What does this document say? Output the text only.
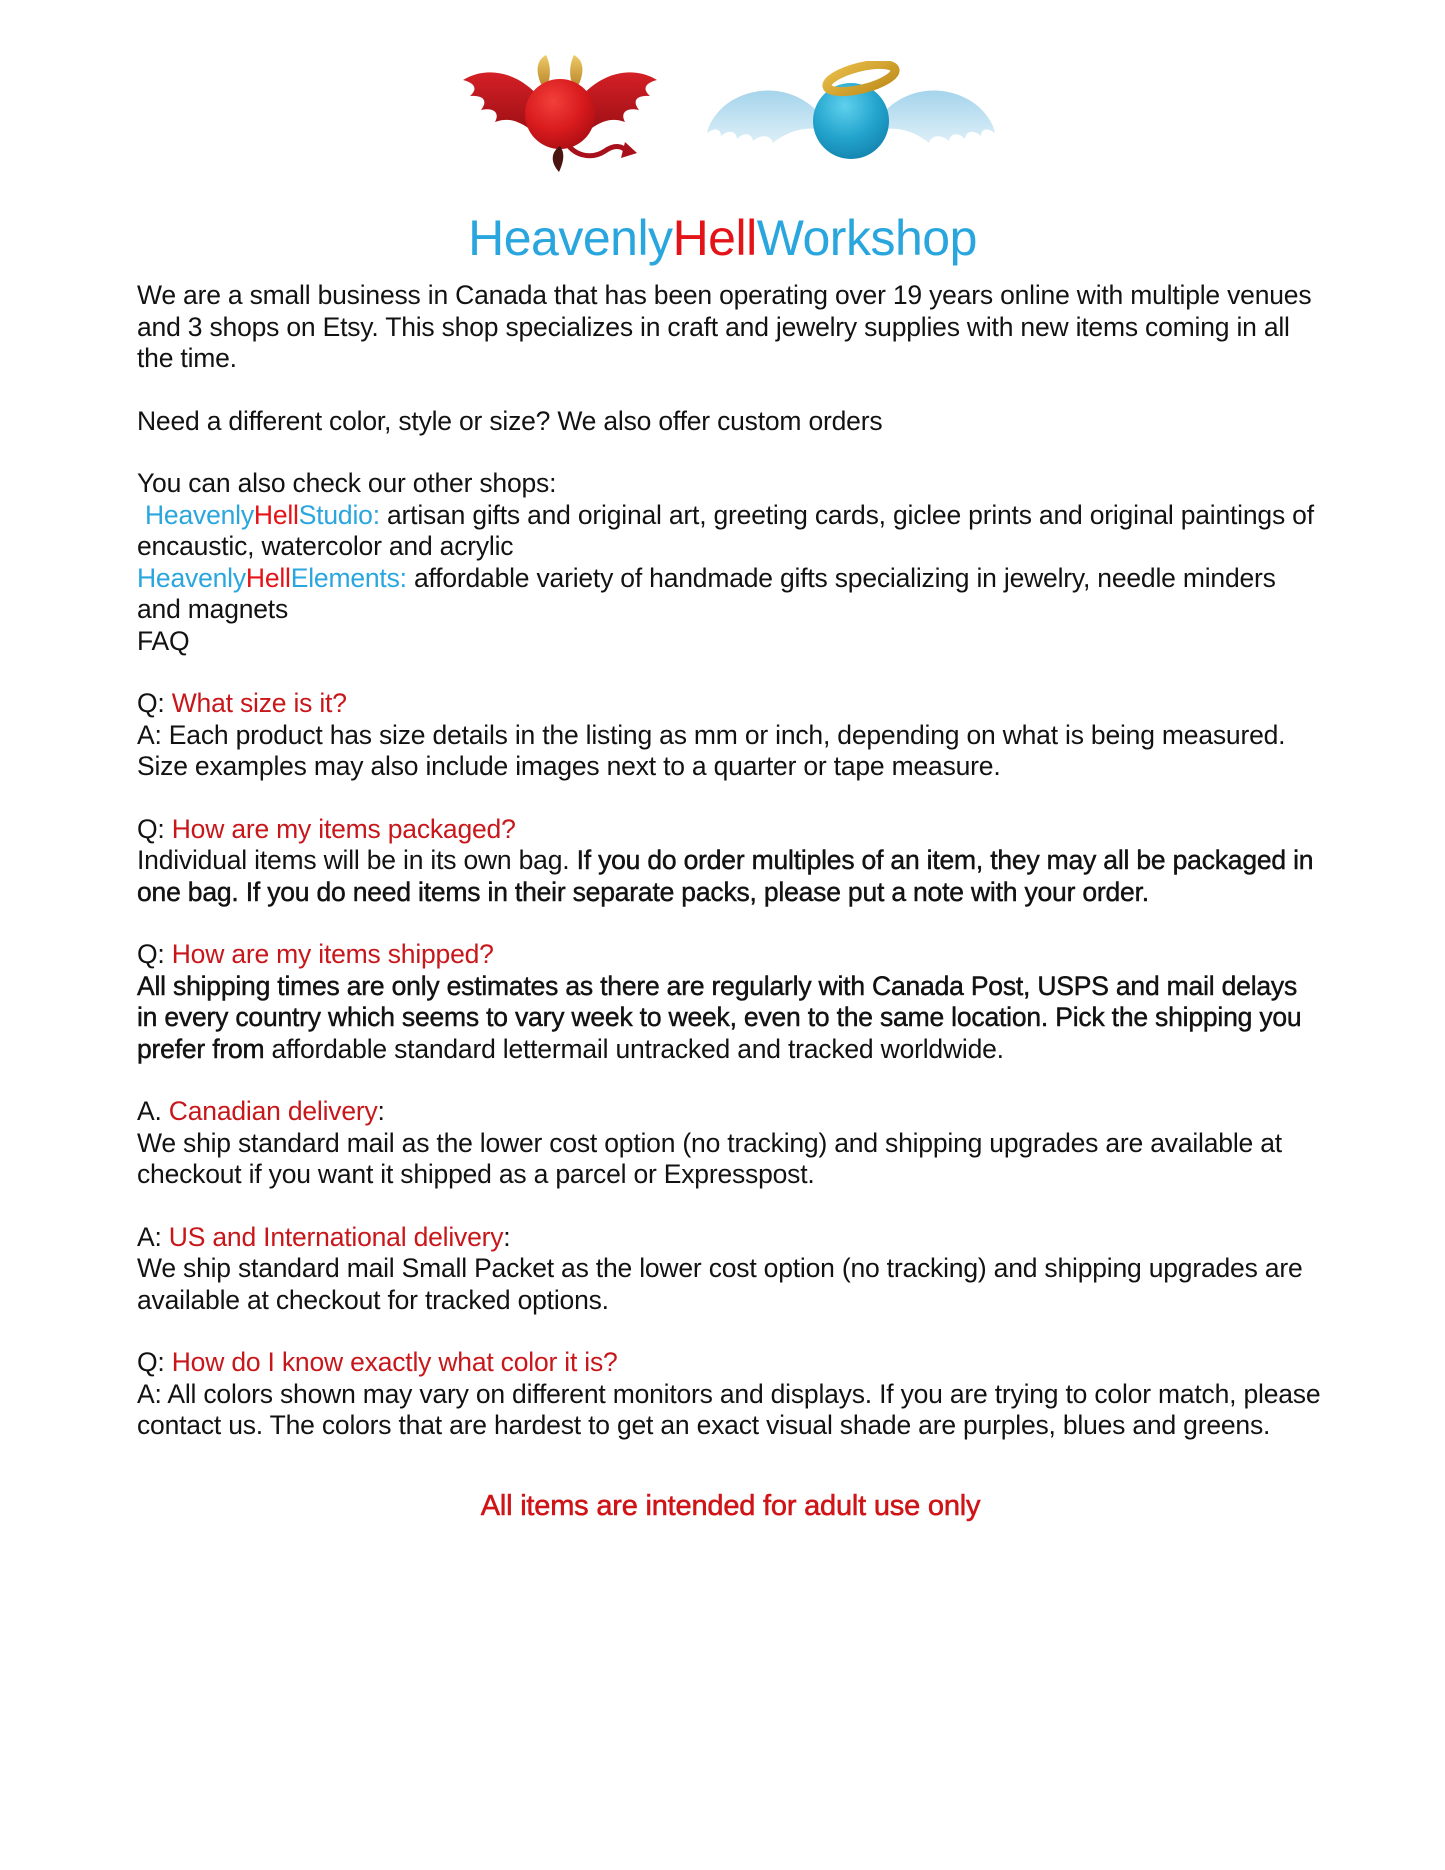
HeavenlyHellWorkshop

We are a small business in Canada that has been operating over 19 years online with multiple venues and 3 shops on Etsy. This shop specializes in craft and jewelry supplies with new items coming in all the time.

Need a different color, style or size? We also offer custom orders

You can also check our other shops:
HeavenlyHellStudio: artisan gifts and original art, greeting cards, giclee prints and original paintings of encaustic, watercolor and acrylic
HeavenlyHellElements: affordable variety of handmade gifts specializing in jewelry, needle minders and magnets
FAQ
Q: What size is it?
A: Each product has size details in the listing as mm or inch, depending on what is being measured. Size examples may also include images next to a quarter or tape measure.
Q: How are my items packaged?
Individual items will be in its own bag. If you do order multiples of an item, they may all be packaged in one bag. If you do need items in their separate packs, please put a note with your order.
Q: How are my items shipped?
All shipping times are only estimates as there are regularly with Canada Post, USPS and mail delays in every country which seems to vary week to week, even to the same location. Pick the shipping you prefer from affordable standard lettermail untracked and tracked worldwide.
A. Canadian delivery:
We ship standard mail as the lower cost option (no tracking) and shipping upgrades are available at checkout if you want it shipped as a parcel or Expresspost.
A: US and International delivery:
We ship standard mail Small Packet as the lower cost option (no tracking) and shipping upgrades are available at checkout for tracked options.
Q: How do I know exactly what color it is?
A: All colors shown may vary on different monitors and displays. If you are trying to color match, please contact us. The colors that are hardest to get an exact visual shade are purples, blues and greens.
All items are intended for adult use only
